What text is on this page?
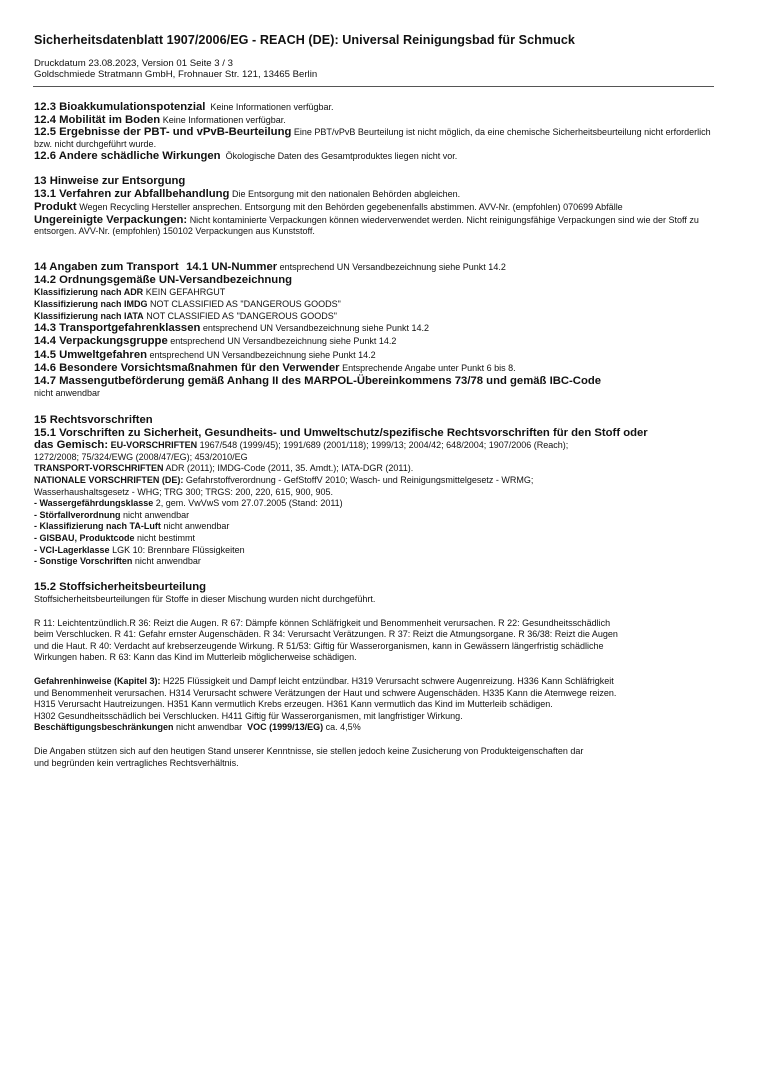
Sicherheitsdatenblatt 1907/2006/EG - REACH (DE): Universal Reinigungsbad für Schmuck
Druckdatum 23.08.2023, Version 01 Seite 3 / 3
Goldschmiede Stratmann GmbH, Frohnauer Str. 121, 13465 Berlin
12.3 Bioakkumulationspotenzial Keine Informationen verfügbar.
12.4 Mobilität im Boden Keine Informationen verfügbar.
12.5 Ergebnisse der PBT- und vPvB-Beurteilung Eine PBT/vPvB Beurteilung ist nicht möglich, da eine chemische Sicherheitsbeurteilung nicht erforderlich bzw. nicht durchgeführt wurde.
12.6 Andere schädliche Wirkungen Ökologische Daten des Gesamtproduktes liegen nicht vor.
13 Hinweise zur Entsorgung
13.1 Verfahren zur Abfallbehandlung Die Entsorgung mit den nationalen Behörden abgleichen.
Produkt Wegen Recycling Hersteller ansprechen. Entsorgung mit den Behörden gegebenenfalls abstimmen. AVV-Nr. (empfohlen) 070699 Abfälle
Ungereinigte Verpackungen: Nicht kontaminierte Verpackungen können wiederverwendet werden. Nicht reinigungsfähige Verpackungen sind wie der Stoff zu entsorgen. AVV-Nr. (empfohlen) 150102 Verpackungen aus Kunststoff.
14 Angaben zum Transport 14.1 UN-Nummer entsprechend UN Versandbezeichnung siehe Punkt 14.2
14.2 Ordnungsgemäße UN-Versandbezeichnung
Klassifizierung nach ADR KEIN GEFAHRGUT
Klassifizierung nach IMDG NOT CLASSIFIED AS "DANGEROUS GOODS"
Klassifizierung nach IATA NOT CLASSIFIED AS "DANGEROUS GOODS"
14.3 Transportgefahrenklassen entsprechend UN Versandbezeichnung siehe Punkt 14.2
14.4 Verpackungsgruppe entsprechend UN Versandbezeichnung siehe Punkt 14.2
14.5 Umweltgefahren entsprechend UN Versandbezeichnung siehe Punkt 14.2
14.6 Besondere Vorsichtsmaßnahmen für den Verwender Entsprechende Angabe unter Punkt 6 bis 8.
14.7 Massengutbeförderung gemäß Anhang II des MARPOL-Übereinkommens 73/78 und gemäß IBC-Code
nicht anwendbar
15 Rechtsvorschriften
15.1 Vorschriften zu Sicherheit, Gesundheits- und Umweltschutz/spezifische Rechtsvorschriften für den Stoff oder
das Gemisch: EU-VORSCHRIFTEN 1967/548 (1999/45); 1991/689 (2001/118); 1999/13; 2004/42; 648/2004; 1907/2006 (Reach);
1272/2008; 75/324/EWG (2008/47/EG); 453/2010/EG
TRANSPORT-VORSCHRIFTEN ADR (2011); IMDG-Code (2011, 35. Amdt.); IATA-DGR (2011).
NATIONALE VORSCHRIFTEN (DE): Gefahrstoffverordnung - GefStoffV 2010; Wasch- und Reinigungsmittelgesetz - WRMG;
Wasserhaushaltsgesetz - WHG; TRG 300; TRGS: 200, 220, 615, 900, 905.
- Wassergefährdungsklasse 2, gem. VwVwS vom 27.07.2005 (Stand: 2011)
- Störfallverordnung nicht anwendbar
- Klassifizierung nach TA-Luft nicht anwendbar
- GISBAU, Produktcode nicht bestimmt
- VCI-Lagerklasse LGK 10: Brennbare Flüssigkeiten
- Sonstige Vorschriften nicht anwendbar
15.2 Stoffsicherheitsbeurteilung
Stoffsicherheitsbeurteilungen für Stoffe in dieser Mischung wurden nicht durchgeführt.
R 11: Leichtentzündlich.R 36: Reizt die Augen. R 67: Dämpfe können Schläfrigkeit und Benommenheit verursachen. R 22: Gesundheitsschädlich
beim Verschlucken. R 41: Gefahr ernster Augenschäden. R 34: Verursacht Verätzungen. R 37: Reizt die Atmungsorgane. R 36/38: Reizt die Augen
und die Haut. R 40: Verdacht auf krebserzeugende Wirkung. R 51/53: Giftig für Wasserorganismen, kann in Gewässern längerfristig schädliche
Wirkungen haben. R 63: Kann das Kind im Mutterleib möglicherweise schädigen.
Gefahrenhinweise (Kapitel 3): H225 Flüssigkeit und Dampf leicht entzündbar. H319 Verursacht schwere Augenreizung. H336 Kann Schläfrigkeit
und Benommenheit verursachen. H314 Verursacht schwere Verätzungen der Haut und schwere Augenschäden. H335 Kann die Atemwege reizen.
H315 Verursacht Hautreizungen. H351 Kann vermutlich Krebs erzeugen. H361 Kann vermutlich das Kind im Mutterleib schädigen.
H302 Gesundheitsschädlich bei Verschlucken. H411 Giftig für Wasserorganismen, mit langfristiger Wirkung.
Beschäftigungsbeschränkungen nicht anwendbar VOC (1999/13/EG) ca. 4,5%
Die Angaben stützen sich auf den heutigen Stand unserer Kenntnisse, sie stellen jedoch keine Zusicherung von Produkteigenschaften dar
und begründen kein vertragliches Rechtsverhältnis.
